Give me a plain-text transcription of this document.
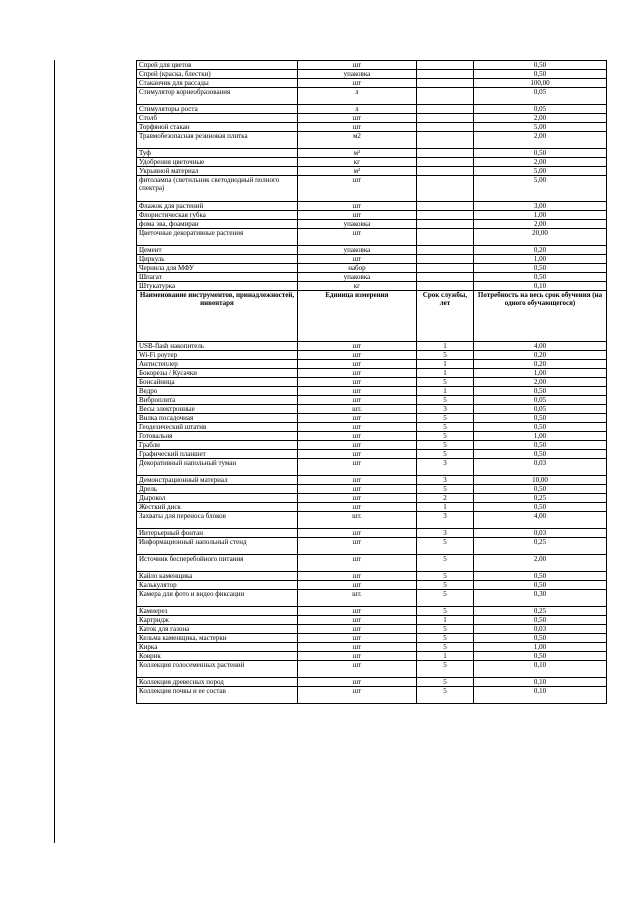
Спрей для цветов	шт		0,50
Спрей (краска, блестки)	упаковка		0,50
Стаканчик для рассады	шт		100,00
Стимулятор корнеобразования	л		0,05
Стимуляторы роста	л		0,05
Столб	шт		2,00
Торфяной стакан	шт		5,00
Травмобезопасная резиновая плитка	м2		2,00
Туф	м³		0,50
Удобрения цветочные	кг		2,00
Укрывной материал	м²		5,00
фитолампа (светильник светодиодный полного спектра)	шт		5,00
Флажок для растений	шт		3,00
Флористическая губка	шт		1,00
фома эва, фоамиран	упаковка		2,00
Цветочные декоративные растения	шт		20,00
Цемент	упаковка		0,20
Циркуль	шт		1,00
Чернила для МФУ	набор		0,50
Шпагат	упаковка		0,50
Штукатурка	кг		0,10
Наименование инструментов, принадлежностей, инвентаря	Единица измерения	Срок службы, лет	Потребность на весь срок обучения (на одного обучающегося)
USB-flash накопитель	шт	1	4,00
Wi-Fi роутер	шт	5	0,20
Антистеплер	шт	1	0,20
Бокорезы / Кусачки	шт	1	1,00
Бонсайница	шт	5	2,00
Ведро	шт	1	0,50
Виброплита	шт	5	0,05
Весы электронные	шт.	3	0,05
Вилка посадочная	шт	5	0,50
Геодезический штатив	шт	5	0,50
Готовальня	шт	5	1,00
Грабли	шт	5	0,50
Графический планшет	шт	5	0,50
Декоративный напольный туман	шт	3	0,03
Демонстрационный материал	шт	3	10,00
Дрель	шт	5	0,50
Дырокол	шт	2	0,25
Жесткий диск	шт	1	0,50
Захваты для переноса блоков	шт.	3	4,00
Интерьерный фонтан	шт	3	0,03
Информационный напольный стенд	шт	5	0,25
Источник бесперебойного питания	шт	5	2,00
Кайло каменщика	шт	5	0,50
Калькулятор	шт	5	0,50
Камера для фото и видео фиксации	шт.	5	0,30
Камнерез	шт	5	0,25
Картридж	шт	1	0,50
Каток для газона	шт	5	0,03
Кельма каменщика, мастерки	шт	5	0,50
Кирка	шт	5	1,00
Коврик	шт	1	0,50
Коллекция голосеменных растений	шт	5	0,10
Коллекция древесных пород	шт	5	0,10
Коллекция почвы и ее состав	шт	5	0,10
